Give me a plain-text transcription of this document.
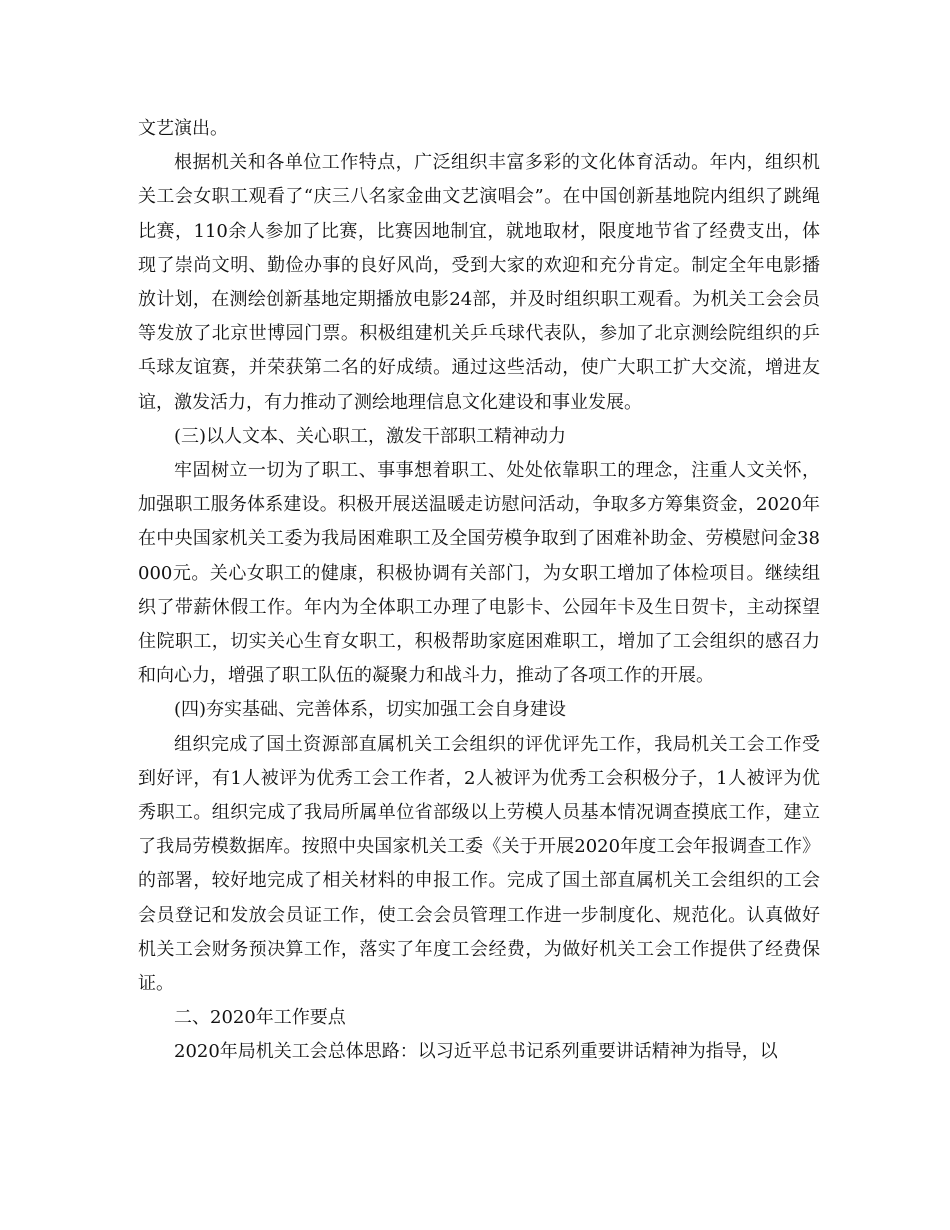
文艺演出。

根据机关和各单位工作特点，广泛组织丰富多彩的文化体育活动。年内，组织机关工会女职工观看了“庆三八名家金曲文艺演唱会”。在中国创新基地院内组织了跳绳比赛，110余人参加了比赛，比赛因地制宜，就地取材，限度地节省了经费支出，体现了崇尚文明、勤俭办事的良好风尚，受到大家的欢迎和充分肯定。制定全年电影播放计划，在测绘创新基地定期播放电影24部，并及时组织职工观看。为机关工会会员等发放了北京世博园门票。积极组建机关乒乓球代表队，参加了北京测绘院组织的乒乓球友谊赛，并荣获第二名的好成绩。通过这些活动，使广大职工扩大交流，增进友谊，激发活力，有力推动了测绘地理信息文化建设和事业发展。

(三)以人文本、关心职工，激发干部职工精神动力

牢固树立一切为了职工、事事想着职工、处处依靠职工的理念，注重人文关怀，加强职工服务体系建设。积极开展送温暖走访慰问活动，争取多方筹集资金，2020年在中央国家机关工委为我局困难职工及全国劳模争取到了困难补助金、劳模慰问金38000元。关心女职工的健康，积极协调有关部门，为女职工增加了体检项目。继续组织了带薪休假工作。年内为全体职工办理了电影卡、公园年卡及生日贺卡，主动探望住院职工，切实关心生育女职工，积极帮助家庭困难职工，增加了工会组织的感召力和向心力，增强了职工队伍的凝聚力和战斗力，推动了各项工作的开展。

(四)夯实基础、完善体系，切实加强工会自身建设

组织完成了国土资源部直属机关工会组织的评优评先工作，我局机关工会工作受到好评，有1人被评为优秀工会工作者，2人被评为优秀工会积极分子，1人被评为优秀职工。组织完成了我局所属单位省部级以上劳模人员基本情况调查摸底工作，建立了我局劳模数据库。按照中央国家机关工委《关于开展2020年度工会年报调查工作》的部署，较好地完成了相关材料的申报工作。完成了国土部直属机关工会组织的工会会员登记和发放会员证工作，使工会会员管理工作进一步制度化、规范化。认真做好机关工会财务预决算工作，落实了年度工会经费，为做好机关工会工作提供了经费保证。

二、2020年工作要点

2020年局机关工会总体思路：以习近平总书记系列重要讲话精神为指导，以
